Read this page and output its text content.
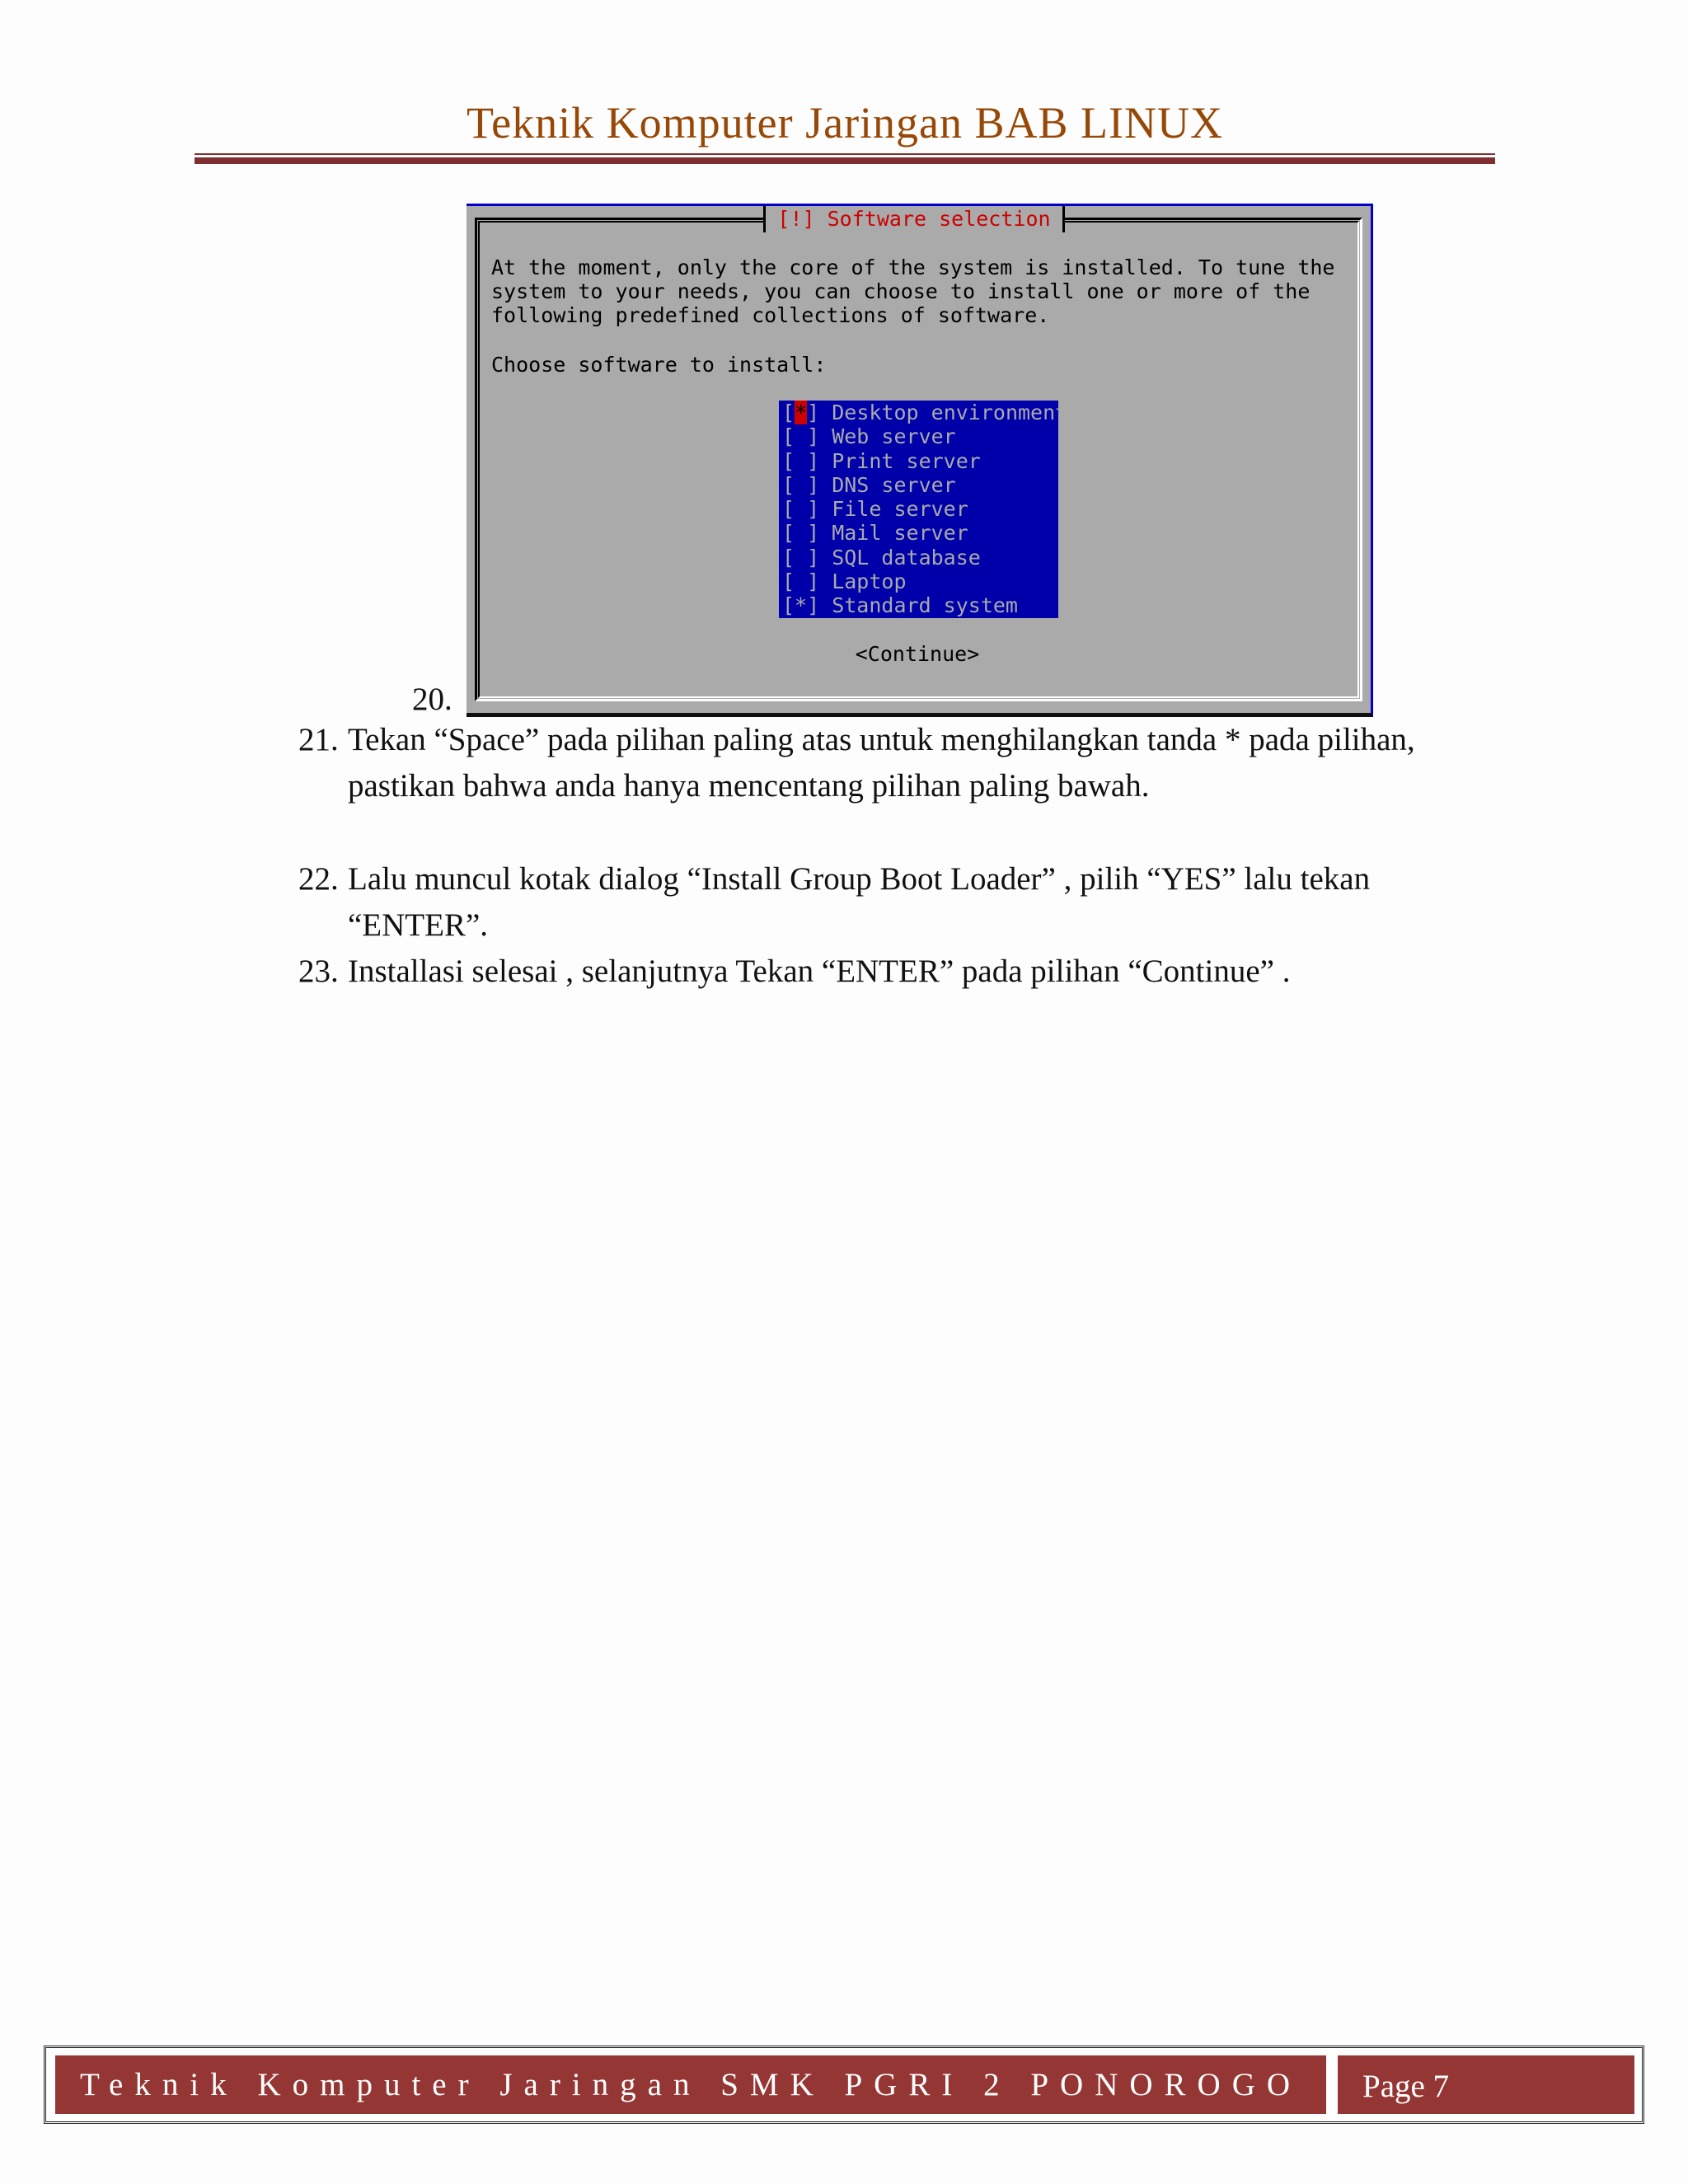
Teknik Komputer Jaringan BAB LINUX
[!] Software selection
At the moment, only the core of the system is installed. To tune the
system to your needs, you can choose to install one or more of the
following predefined collections of software.
Choose software to install:
[*] Desktop environment
[ ] Web server
[ ] Print server
[ ] DNS server
[ ] File server
[ ] Mail server
[ ] SQL database
[ ] Laptop
[*] Standard system
<Continue>
20.
21. Tekan “Space” pada pilihan paling atas untuk menghilangkan tanda * pada pilihan, pastikan bahwa anda hanya mencentang pilihan paling bawah.
22. Lalu muncul kotak dialog “Install Group Boot Loader” , pilih “YES” lalu tekan “ENTER”.
23. Installasi selesai , selanjutnya Tekan “ENTER” pada pilihan “Continue” .
Teknik Komputer Jaringan SMK PGRI 2 PONOROGO	Page 7
